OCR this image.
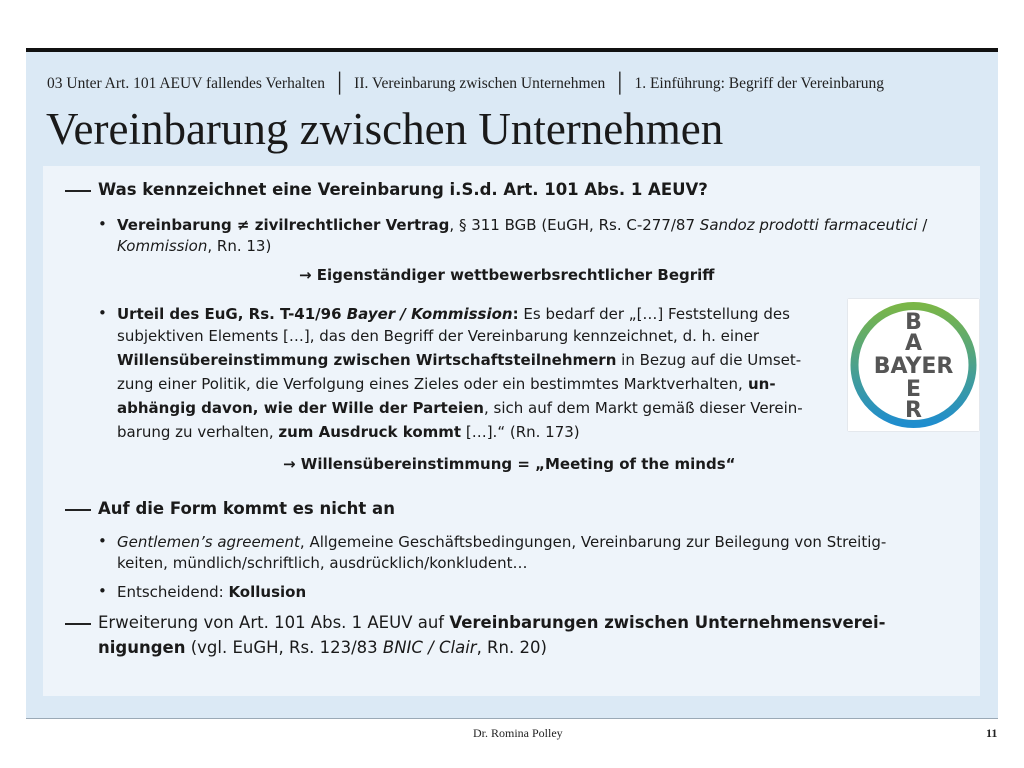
03 Unter Art. 101 AEUV fallendes Verhalten │ II. Vereinbarung zwischen Unternehmen │ 1. Einführung: Begriff der Vereinbarung
Vereinbarung zwischen Unternehmen
Was kennzeichnet eine Vereinbarung i.S.d. Art. 101 Abs. 1 AEUV?
• Vereinbarung ≠ zivilrechtlicher Vertrag, § 311 BGB (EuGH, Rs. C-277/87 Sandoz prodotti farmaceutici /
Kommission, Rn. 13)
→ Eigenständiger wettbewerbsrechtlicher Begriff
• Urteil des EuG, Rs. T-41/96 Bayer / Kommission: Es bedarf der „[…] Feststellung des
subjektiven Elements […], das den Begriff der Vereinbarung kennzeichnet, d. h. einer
Willensübereinstimmung zwischen Wirtschaftsteilnehmern in Bezug auf die Umset-
zung einer Politik, die Verfolgung eines Zieles oder ein bestimmtes Marktverhalten, un-
abhängig davon, wie der Wille der Parteien, sich auf dem Markt gemäß dieser Verein-
barung zu verhalten, zum Ausdruck kommt […].“ (Rn. 173)
→ Willensübereinstimmung = „Meeting of the minds“
B
A
BAYER
E
R
Auf die Form kommt es nicht an
• Gentlemen’s agreement, Allgemeine Geschäftsbedingungen, Vereinbarung zur Beilegung von Streitig-
keiten, mündlich/schriftlich, ausdrücklich/konkludent…
• Entscheidend: Kollusion
Erweiterung von Art. 101 Abs. 1 AEUV auf Vereinbarungen zwischen Unternehmensverei-
nigungen (vgl. EuGH, Rs. 123/83 BNIC / Clair, Rn. 20)
Dr. Romina Polley	11
